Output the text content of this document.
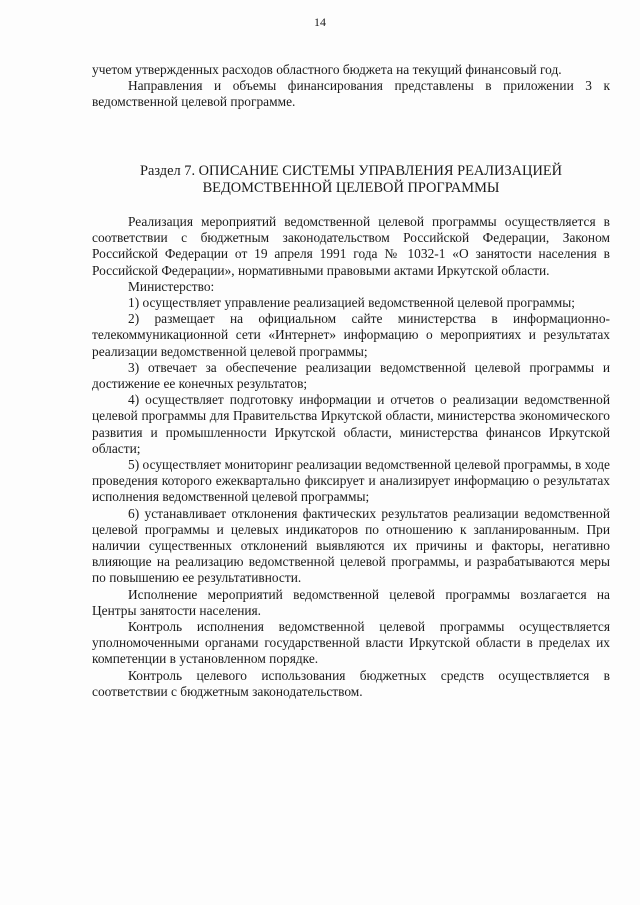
14

учетом утвержденных расходов областного бюджета на текущий финансовый год.

Направления и объемы финансирования представлены в приложении 3 к ведомственной целевой программе.

Раздел 7. ОПИСАНИЕ СИСТЕМЫ УПРАВЛЕНИЯ РЕАЛИЗАЦИЕЙ
ВЕДОМСТВЕННОЙ ЦЕЛЕВОЙ ПРОГРАММЫ

Реализация мероприятий ведомственной целевой программы осуществляется в соответствии с бюджетным законодательством Российской Федерации, Законом Российской Федерации от 19 апреля 1991 года № 1032-1 «О занятости населения в Российской Федерации», нормативными правовыми актами Иркутской области.

Министерство:

1) осуществляет управление реализацией ведомственной целевой программы;

2) размещает на официальном сайте министерства в информационно-телекоммуникационной сети «Интернет» информацию о мероприятиях и результатах реализации ведомственной целевой программы;

3) отвечает за обеспечение реализации ведомственной целевой программы и достижение ее конечных результатов;

4) осуществляет подготовку информации и отчетов о реализации ведомственной целевой программы для Правительства Иркутской области, министерства экономического развития и промышленности Иркутской области, министерства финансов Иркутской области;

5) осуществляет мониторинг реализации ведомственной целевой программы, в ходе проведения которого ежеквартально фиксирует и анализирует информацию о результатах исполнения ведомственной целевой программы;

6) устанавливает отклонения фактических результатов реализации ведомственной целевой программы и целевых индикаторов по отношению к запланированным. При наличии существенных отклонений выявляются их причины и факторы, негативно влияющие на реализацию ведомственной целевой программы, и разрабатываются меры по повышению ее результативности.

Исполнение мероприятий ведомственной целевой программы возлагается на Центры занятости населения.

Контроль исполнения ведомственной целевой программы осуществляется уполномоченными органами государственной власти Иркутской области в пределах их компетенции в установленном порядке.

Контроль целевого использования бюджетных средств осуществляется в соответствии с бюджетным законодательством.
